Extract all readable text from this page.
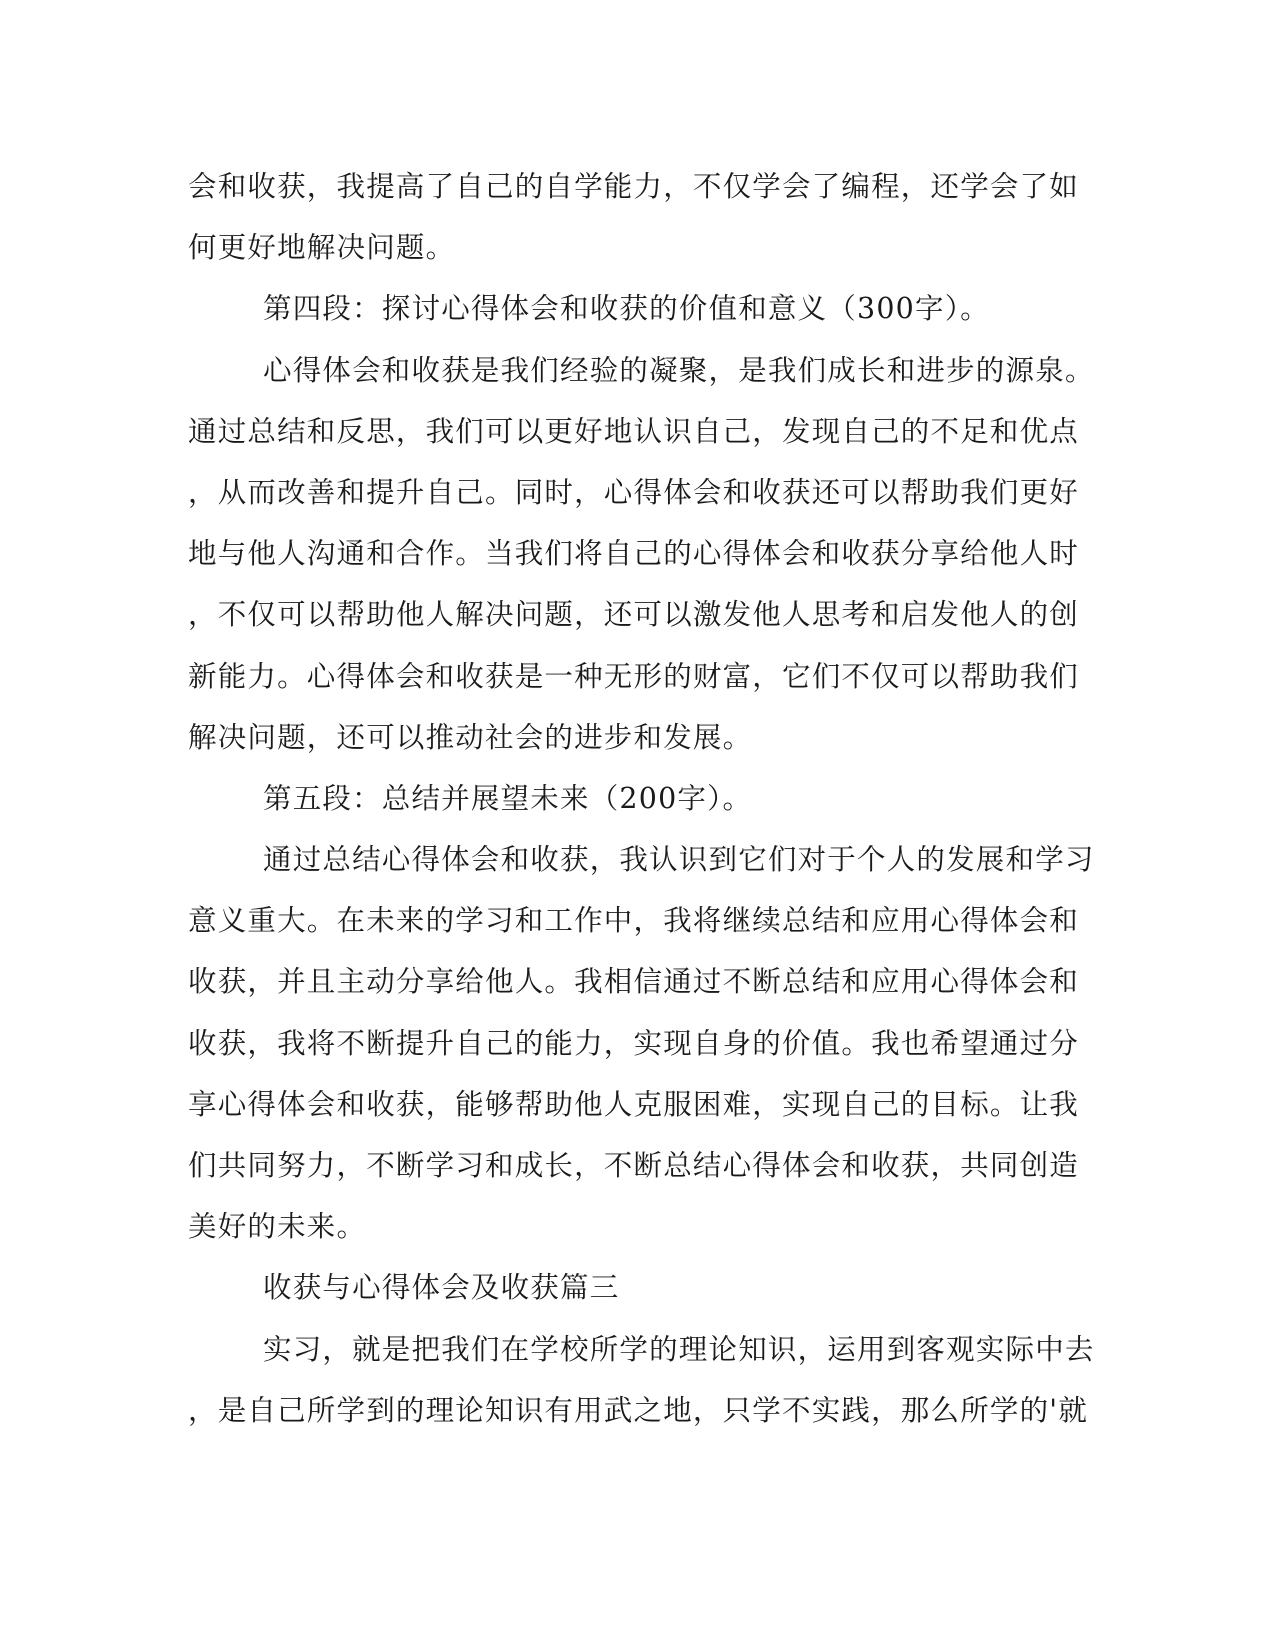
会和收获，我提高了自己的自学能力，不仅学会了编程，还学会了如
何更好地解决问题。
第四段：探讨心得体会和收获的价值和意义（300字）。
心得体会和收获是我们经验的凝聚，是我们成长和进步的源泉。
通过总结和反思，我们可以更好地认识自己，发现自己的不足和优点
，从而改善和提升自己。同时，心得体会和收获还可以帮助我们更好
地与他人沟通和合作。当我们将自己的心得体会和收获分享给他人时
，不仅可以帮助他人解决问题，还可以激发他人思考和启发他人的创
新能力。心得体会和收获是一种无形的财富，它们不仅可以帮助我们
解决问题，还可以推动社会的进步和发展。
第五段：总结并展望未来（200字）。
通过总结心得体会和收获，我认识到它们对于个人的发展和学习
意义重大。在未来的学习和工作中，我将继续总结和应用心得体会和
收获，并且主动分享给他人。我相信通过不断总结和应用心得体会和
收获，我将不断提升自己的能力，实现自身的价值。我也希望通过分
享心得体会和收获，能够帮助他人克服困难，实现自己的目标。让我
们共同努力，不断学习和成长，不断总结心得体会和收获，共同创造
美好的未来。
收获与心得体会及收获篇三
实习，就是把我们在学校所学的理论知识，运用到客观实际中去
，是自己所学到的理论知识有用武之地，只学不实践，那么所学的'就
